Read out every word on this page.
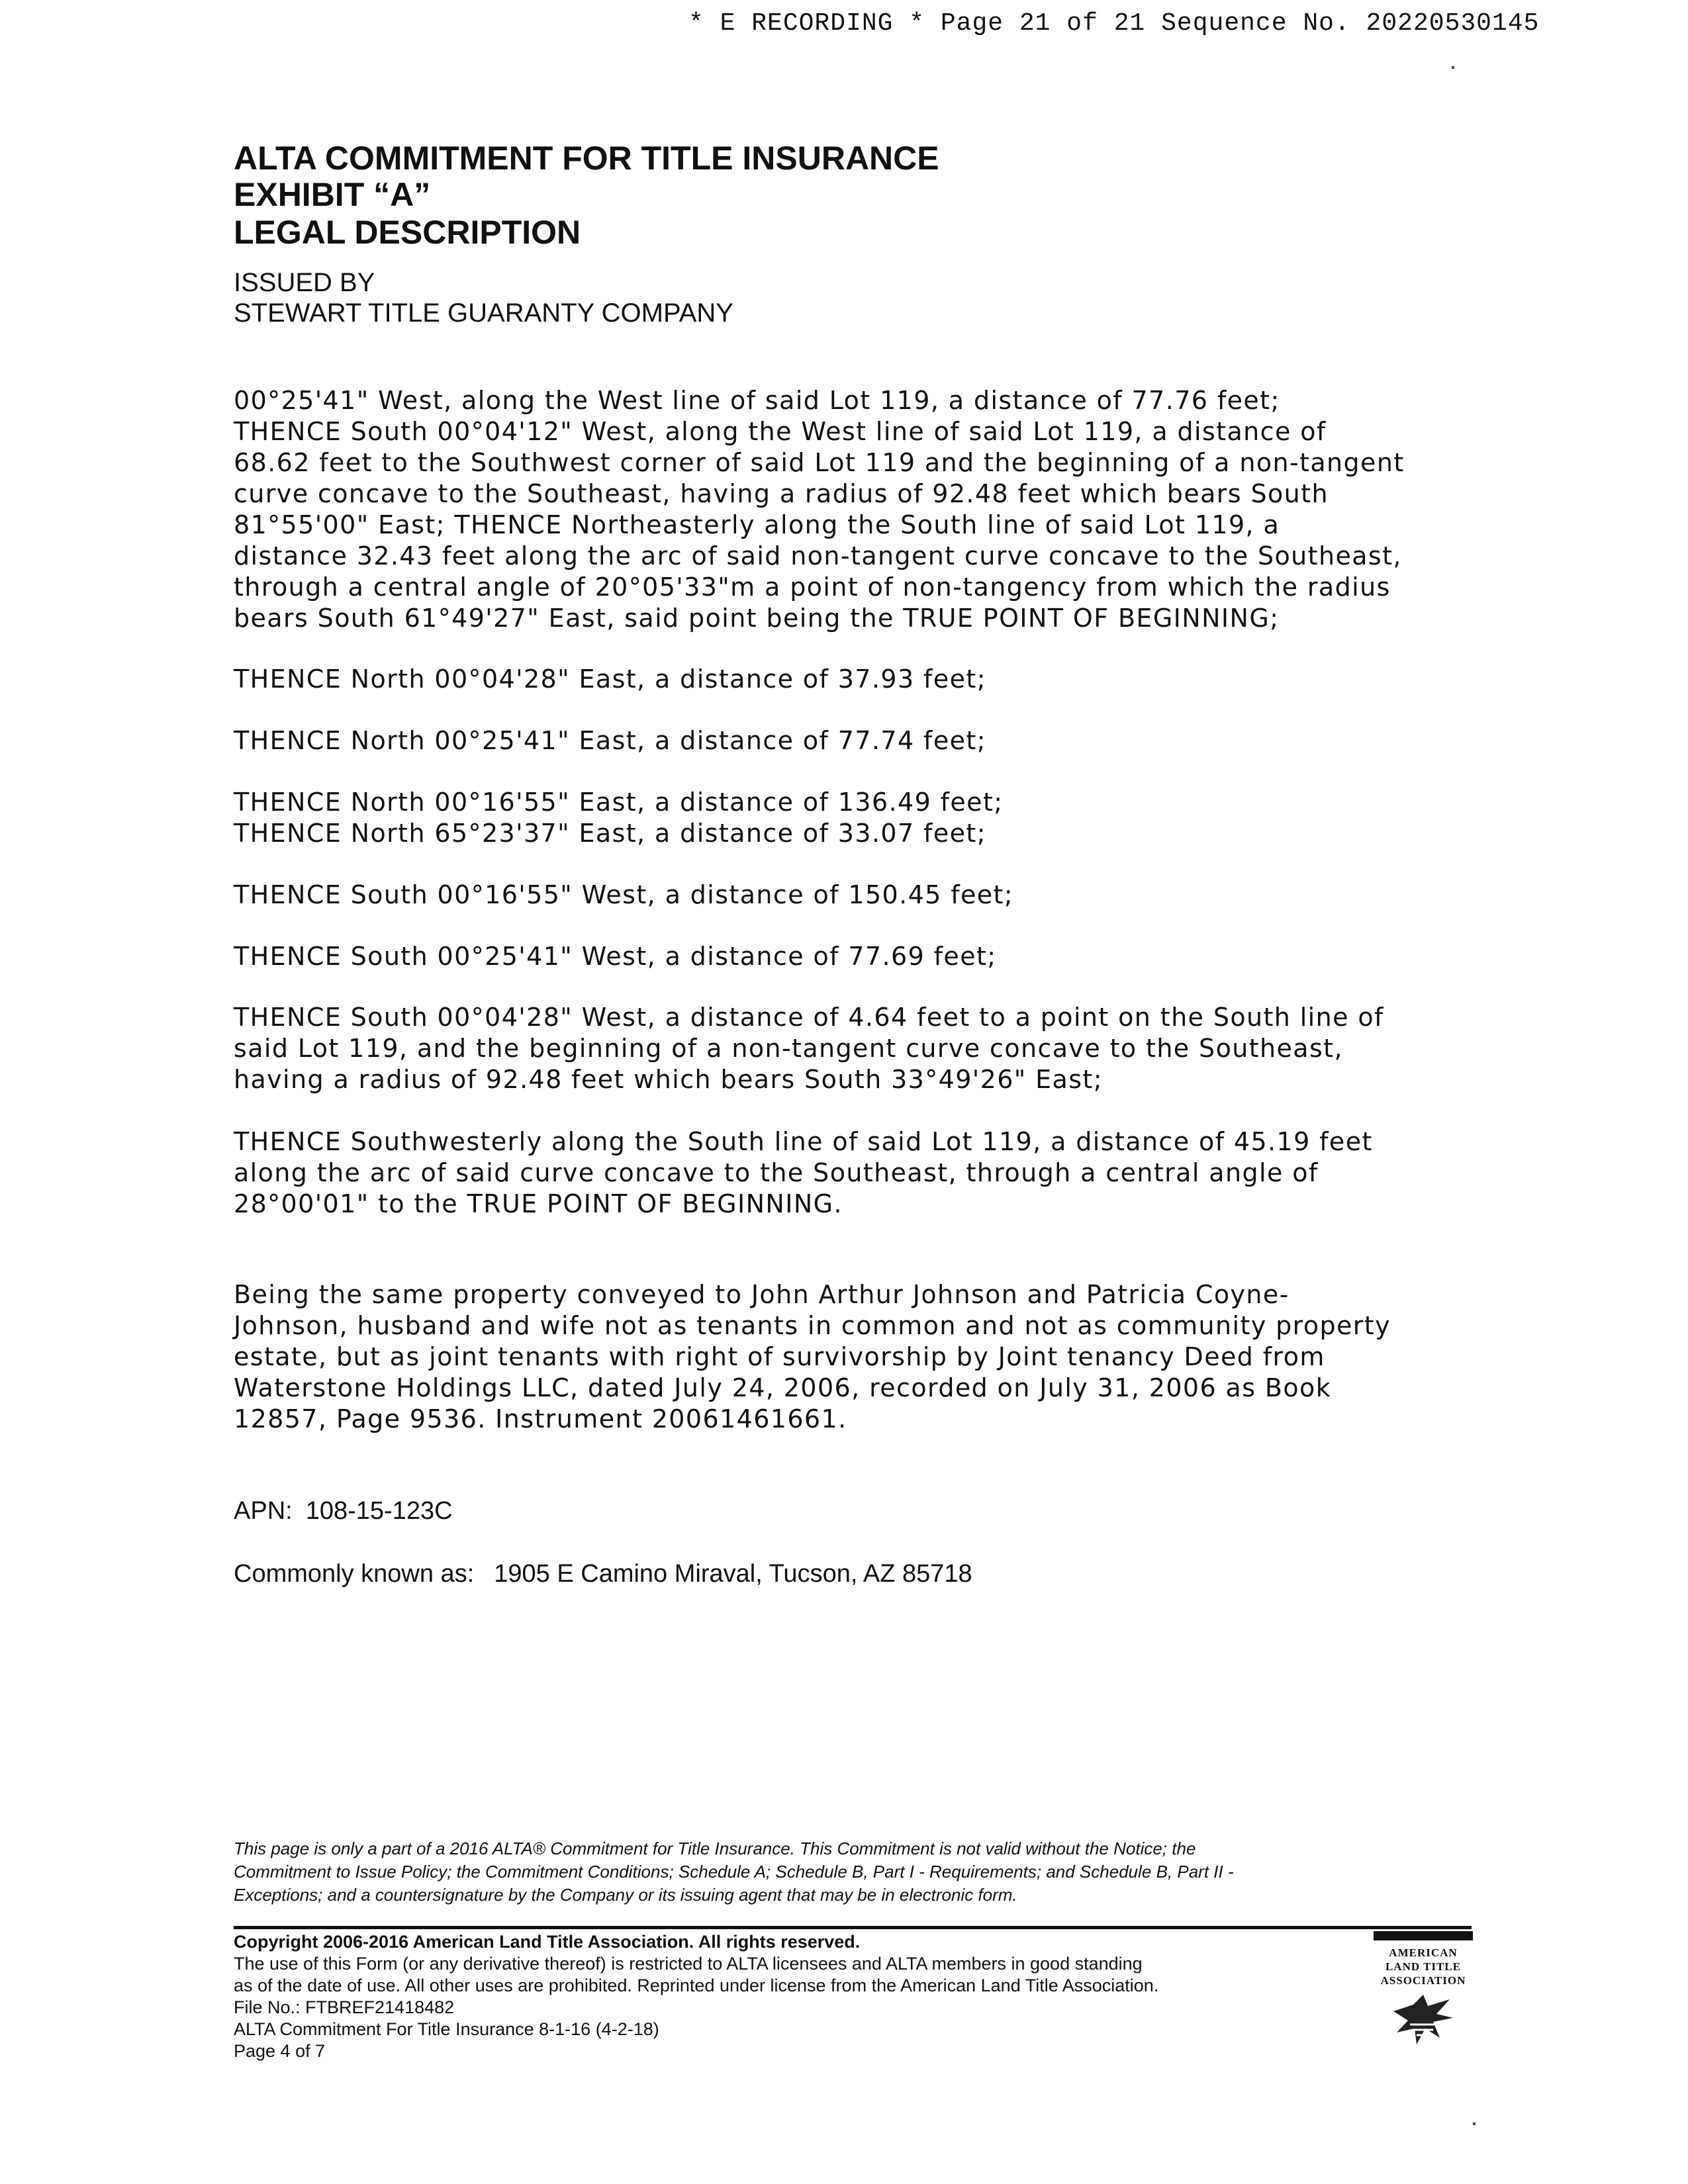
* E RECORDING * Page 21 of 21 Sequence No. 20220530145
ALTA COMMITMENT FOR TITLE INSURANCE
EXHIBIT “A”
LEGAL DESCRIPTION
ISSUED BY
STEWART TITLE GUARANTY COMPANY
00°25'41" West, along the West line of said Lot 119, a distance of 77.76 feet;
THENCE South 00°04'12" West, along the West line of said Lot 119, a distance of
68.62 feet to the Southwest corner of said Lot 119 and the beginning of a non-tangent
curve concave to the Southeast, having a radius of 92.48 feet which bears South
81°55'00" East; THENCE Northeasterly along the South line of said Lot 119, a
distance 32.43 feet along the arc of said non-tangent curve concave to the Southeast,
through a central angle of 20°05'33"m a point of non-tangency from which the radius
bears South 61°49'27" East, said point being the TRUE POINT OF BEGINNING;
THENCE North 00°04'28" East, a distance of 37.93 feet;
THENCE North 00°25'41" East, a distance of 77.74 feet;
THENCE North 00°16'55" East, a distance of 136.49 feet;
THENCE North 65°23'37" East, a distance of 33.07 feet;
THENCE South 00°16'55" West, a distance of 150.45 feet;
THENCE South 00°25'41" West, a distance of 77.69 feet;
THENCE South 00°04'28" West, a distance of 4.64 feet to a point on the South line of
said Lot 119, and the beginning of a non-tangent curve concave to the Southeast,
having a radius of 92.48 feet which bears South 33°49'26" East;
THENCE Southwesterly along the South line of said Lot 119, a distance of 45.19 feet
along the arc of said curve concave to the Southeast, through a central angle of
28°00'01" to the TRUE POINT OF BEGINNING.
Being the same property conveyed to John Arthur Johnson and Patricia Coyne-
Johnson, husband and wife not as tenants in common and not as community property
estate, but as joint tenants with right of survivorship by Joint tenancy Deed from
Waterstone Holdings LLC, dated July 24, 2006, recorded on July 31, 2006 as Book
12857, Page 9536. Instrument 20061461661.
APN: 108-15-123C
Commonly known as: 1905 E Camino Miraval, Tucson, AZ 85718
This page is only a part of a 2016 ALTA® Commitment for Title Insurance. This Commitment is not valid without the Notice; the
Commitment to Issue Policy; the Commitment Conditions; Schedule A; Schedule B, Part I - Requirements; and Schedule B, Part II -
Exceptions; and a countersignature by the Company or its issuing agent that may be in electronic form.
Copyright 2006-2016 American Land Title Association. All rights reserved.
The use of this Form (or any derivative thereof) is restricted to ALTA licensees and ALTA members in good standing
as of the date of use. All other uses are prohibited. Reprinted under license from the American Land Title Association.
File No.: FTBREF21418482
ALTA Commitment For Title Insurance 8-1-16 (4-2-18)
Page 4 of 7
AMERICAN
LAND TITLE
ASSOCIATION
